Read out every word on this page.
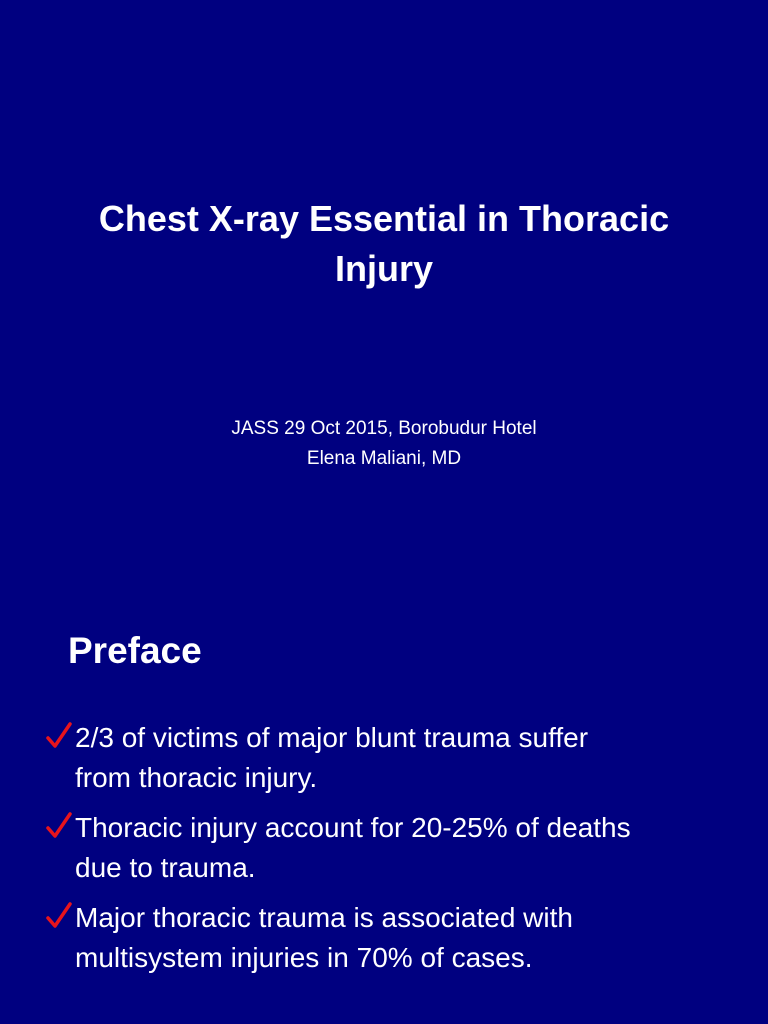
Chest X-ray Essential in Thoracic
Injury
JASS 29 Oct 2015, Borobudur Hotel
Elena Maliani, MD
Preface
2/3 of victims of major blunt trauma suffer
from thoracic injury.
Thoracic injury account for 20-25% of deaths
due to trauma.
Major thoracic trauma is associated with
multisystem injuries in 70% of cases.
